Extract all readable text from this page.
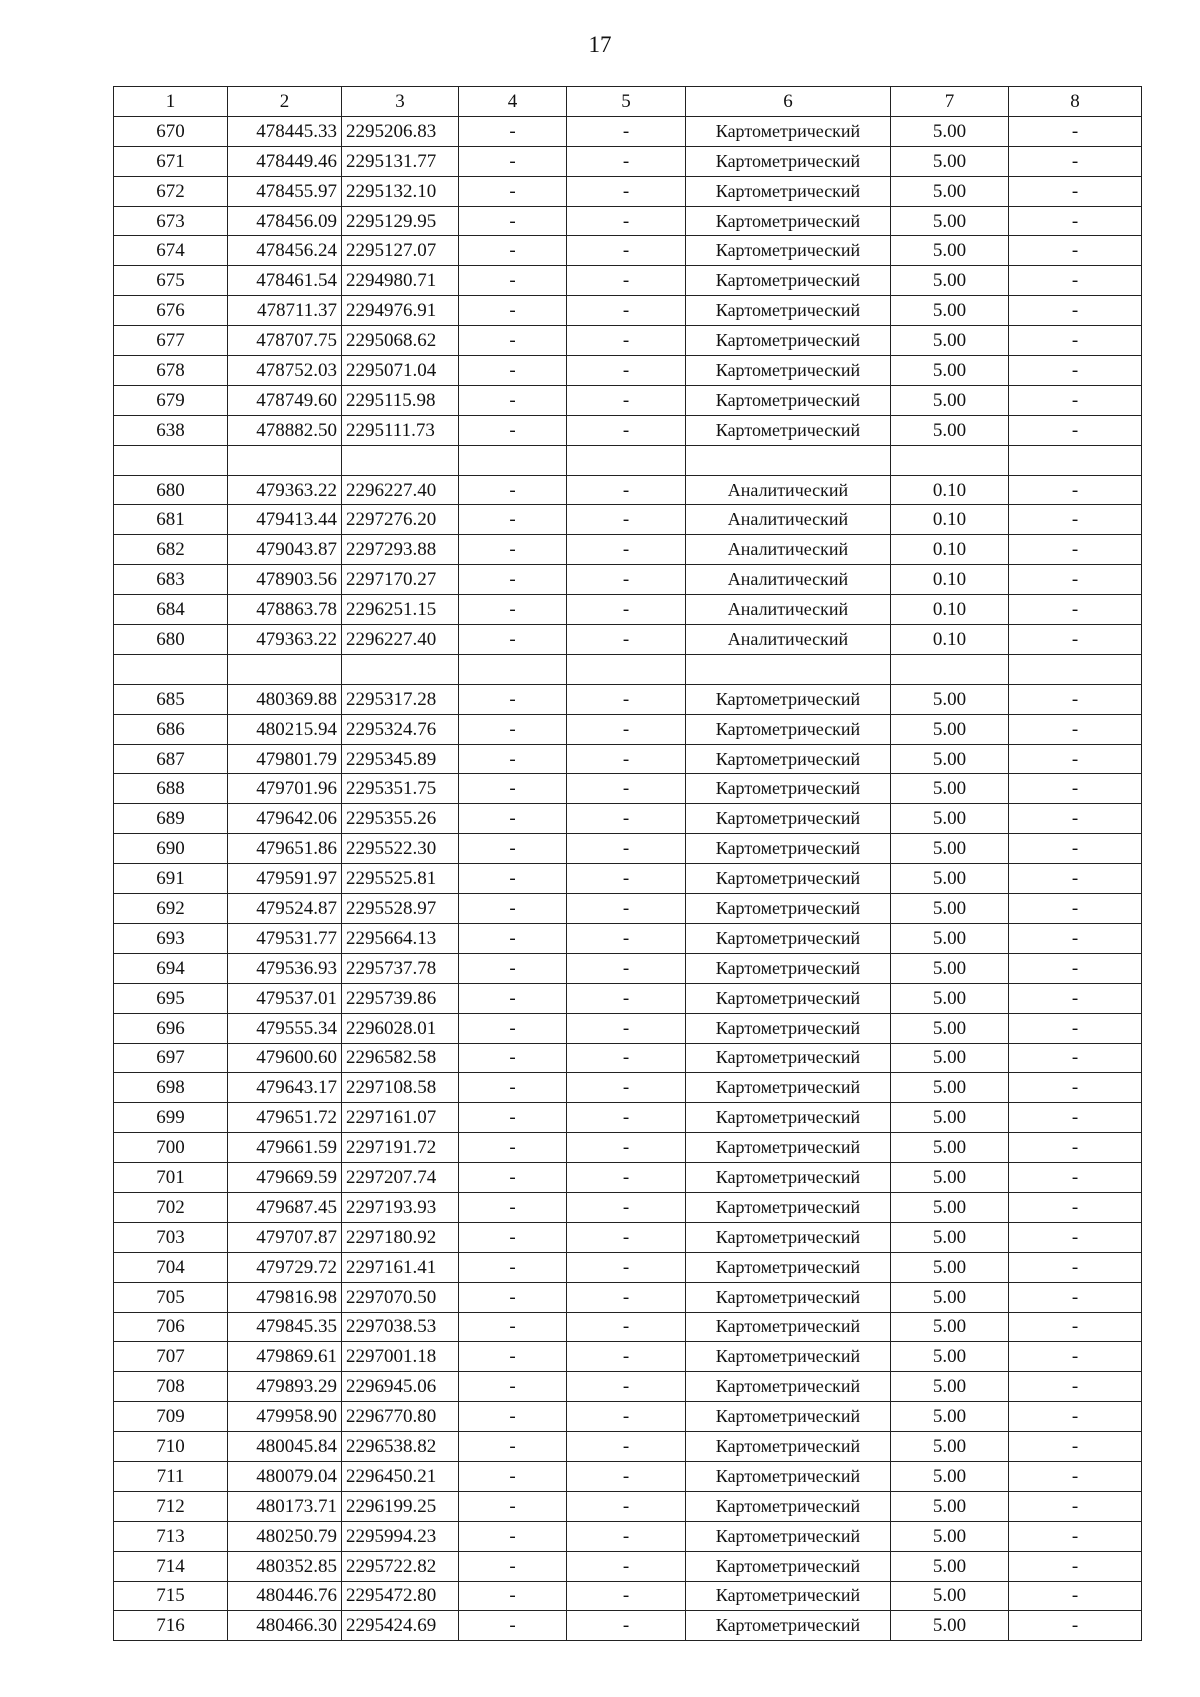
17
1	2	3	4	5	6	7	8
670	478445.33	2295206.83	-	-	Картометрический	5.00	-
671	478449.46	2295131.77	-	-	Картометрический	5.00	-
672	478455.97	2295132.10	-	-	Картометрический	5.00	-
673	478456.09	2295129.95	-	-	Картометрический	5.00	-
674	478456.24	2295127.07	-	-	Картометрический	5.00	-
675	478461.54	2294980.71	-	-	Картометрический	5.00	-
676	478711.37	2294976.91	-	-	Картометрический	5.00	-
677	478707.75	2295068.62	-	-	Картометрический	5.00	-
678	478752.03	2295071.04	-	-	Картометрический	5.00	-
679	478749.60	2295115.98	-	-	Картометрический	5.00	-
638	478882.50	2295111.73	-	-	Картометрический	5.00	-

680	479363.22	2296227.40	-	-	Аналитический	0.10	-
681	479413.44	2297276.20	-	-	Аналитический	0.10	-
682	479043.87	2297293.88	-	-	Аналитический	0.10	-
683	478903.56	2297170.27	-	-	Аналитический	0.10	-
684	478863.78	2296251.15	-	-	Аналитический	0.10	-
680	479363.22	2296227.40	-	-	Аналитический	0.10	-

685	480369.88	2295317.28	-	-	Картометрический	5.00	-
686	480215.94	2295324.76	-	-	Картометрический	5.00	-
687	479801.79	2295345.89	-	-	Картометрический	5.00	-
688	479701.96	2295351.75	-	-	Картометрический	5.00	-
689	479642.06	2295355.26	-	-	Картометрический	5.00	-
690	479651.86	2295522.30	-	-	Картометрический	5.00	-
691	479591.97	2295525.81	-	-	Картометрический	5.00	-
692	479524.87	2295528.97	-	-	Картометрический	5.00	-
693	479531.77	2295664.13	-	-	Картометрический	5.00	-
694	479536.93	2295737.78	-	-	Картометрический	5.00	-
695	479537.01	2295739.86	-	-	Картометрический	5.00	-
696	479555.34	2296028.01	-	-	Картометрический	5.00	-
697	479600.60	2296582.58	-	-	Картометрический	5.00	-
698	479643.17	2297108.58	-	-	Картометрический	5.00	-
699	479651.72	2297161.07	-	-	Картометрический	5.00	-
700	479661.59	2297191.72	-	-	Картометрический	5.00	-
701	479669.59	2297207.74	-	-	Картометрический	5.00	-
702	479687.45	2297193.93	-	-	Картометрический	5.00	-
703	479707.87	2297180.92	-	-	Картометрический	5.00	-
704	479729.72	2297161.41	-	-	Картометрический	5.00	-
705	479816.98	2297070.50	-	-	Картометрический	5.00	-
706	479845.35	2297038.53	-	-	Картометрический	5.00	-
707	479869.61	2297001.18	-	-	Картометрический	5.00	-
708	479893.29	2296945.06	-	-	Картометрический	5.00	-
709	479958.90	2296770.80	-	-	Картометрический	5.00	-
710	480045.84	2296538.82	-	-	Картометрический	5.00	-
711	480079.04	2296450.21	-	-	Картометрический	5.00	-
712	480173.71	2296199.25	-	-	Картометрический	5.00	-
713	480250.79	2295994.23	-	-	Картометрический	5.00	-
714	480352.85	2295722.82	-	-	Картометрический	5.00	-
715	480446.76	2295472.80	-	-	Картометрический	5.00	-
716	480466.30	2295424.69	-	-	Картометрический	5.00	-
